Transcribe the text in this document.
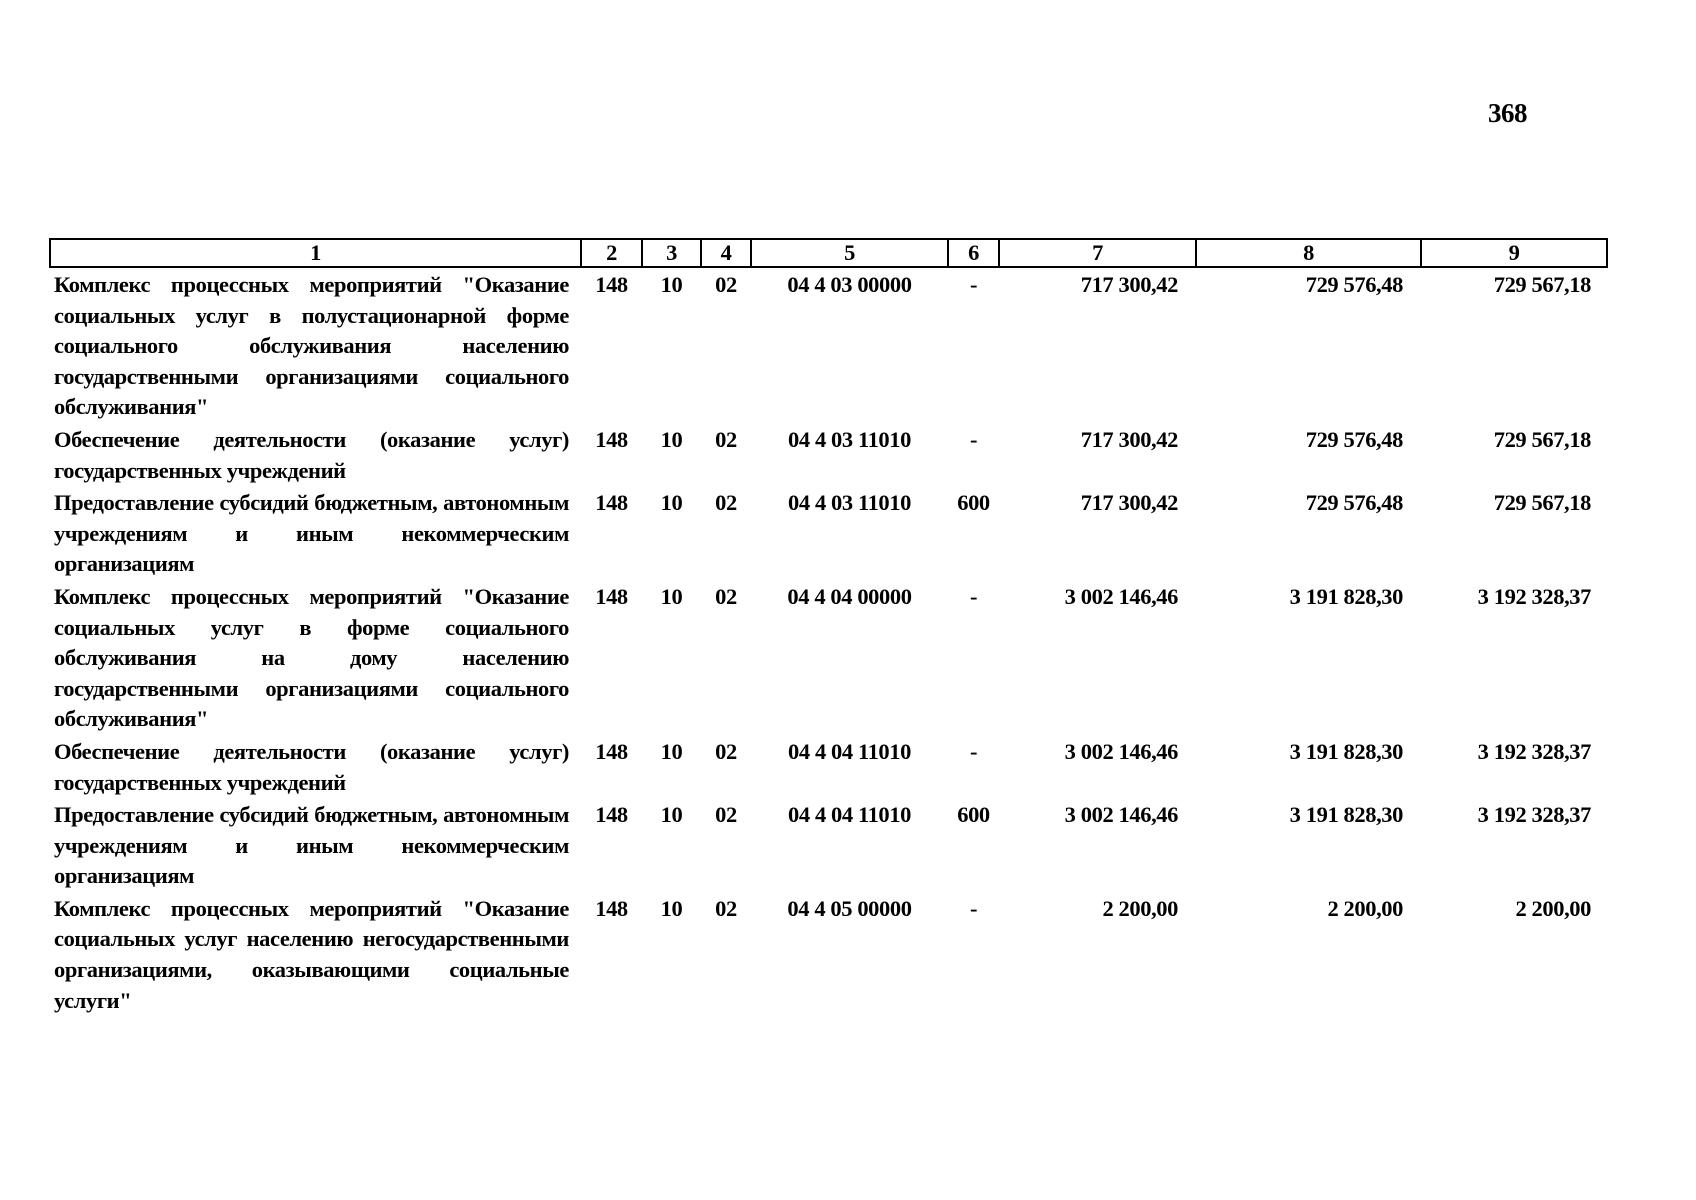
368
1	2	3	4	5	6	7	8	9
Комплекс процессных мероприятий "Оказание социальных услуг в полустационарной форме социального обслуживания населению государственными организациями социального обслуживания"	148	10	02	04 4 03 00000	-	717 300,42	729 576,48	729 567,18
Обеспечение деятельности (оказание услуг) государственных учреждений	148	10	02	04 4 03 11010	-	717 300,42	729 576,48	729 567,18
Предоставление субсидий бюджетным, автономным учреждениям и иным некоммерческим организациям	148	10	02	04 4 03 11010	600	717 300,42	729 576,48	729 567,18
Комплекс процессных мероприятий "Оказание социальных услуг в форме социального обслуживания на дому населению государственными организациями социального обслуживания"	148	10	02	04 4 04 00000	-	3 002 146,46	3 191 828,30	3 192 328,37
Обеспечение деятельности (оказание услуг) государственных учреждений	148	10	02	04 4 04 11010	-	3 002 146,46	3 191 828,30	3 192 328,37
Предоставление субсидий бюджетным, автономным учреждениям и иным некоммерческим организациям	148	10	02	04 4 04 11010	600	3 002 146,46	3 191 828,30	3 192 328,37
Комплекс процессных мероприятий "Оказание социальных услуг населению негосударственными организациями, оказывающими социальные услуги"	148	10	02	04 4 05 00000	-	2 200,00	2 200,00	2 200,00
